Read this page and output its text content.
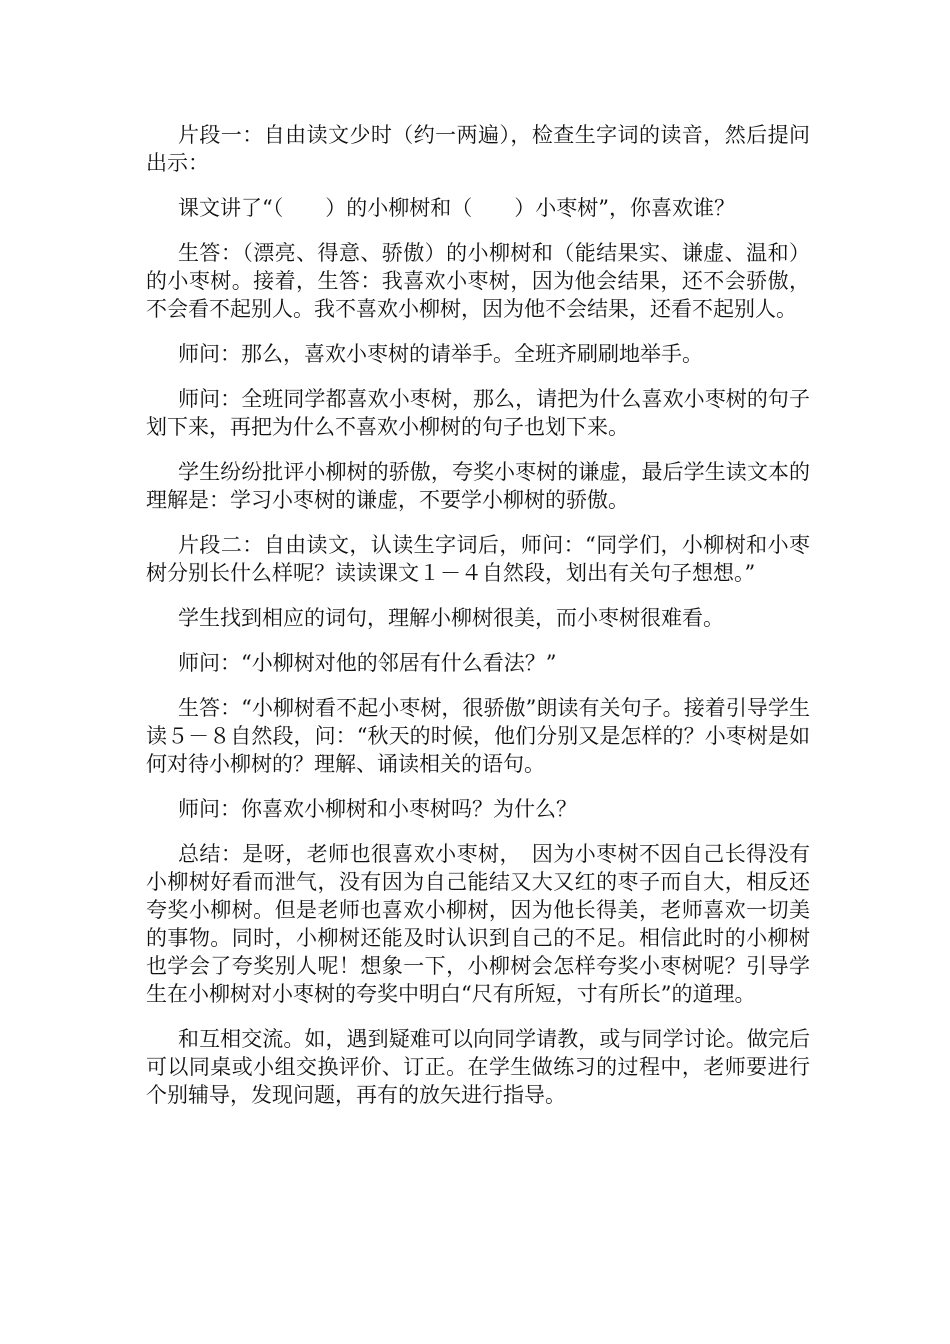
片段一：自由读文少时（约一两遍），检查生字词的读音，然后提问出示：

课文讲了“（　　）的小柳树和（　　）小枣树”，你喜欢谁？

生答：（漂亮、得意、骄傲）的小柳树和（能结果实、谦虚、温和）的小枣树。接着，生答：我喜欢小枣树，因为他会结果，还不会骄傲，不会看不起别人。我不喜欢小柳树，因为他不会结果，还看不起别人。

师问：那么，喜欢小枣树的请举手。全班齐刷刷地举手。

师问：全班同学都喜欢小枣树，那么，请把为什么喜欢小枣树的句子划下来，再把为什么不喜欢小柳树的句子也划下来。

学生纷纷批评小柳树的骄傲，夸奖小枣树的谦虚，最后学生读文本的理解是：学习小枣树的谦虚，不要学小柳树的骄傲。

片段二：自由读文，认读生字词后，师问：“同学们，小柳树和小枣树分别长什么样呢？读读课文１－４自然段，划出有关句子想想。”

学生找到相应的词句，理解小柳树很美，而小枣树很难看。

师问：“小柳树对他的邻居有什么看法？”

生答：“小柳树看不起小枣树，很骄傲”朗读有关句子。接着引导学生读５－８自然段，问：“秋天的时候，他们分别又是怎样的？小枣树是如何对待小柳树的？理解、诵读相关的语句。

师问：你喜欢小柳树和小枣树吗？为什么？

总结：是呀，老师也很喜欢小枣树，　因为小枣树不因自己长得没有小柳树好看而泄气，没有因为自己能结又大又红的枣子而自大，相反还夸奖小柳树。但是老师也喜欢小柳树，因为他长得美，老师喜欢一切美的事物。同时，小柳树还能及时认识到自己的不足。相信此时的小柳树也学会了夸奖别人呢！想象一下，小柳树会怎样夸奖小枣树呢？引导学生在小柳树对小枣树的夸奖中明白“尺有所短，寸有所长”的道理。

和互相交流。如，遇到疑难可以向同学请教，或与同学讨论。做完后可以同桌或小组交换评价、订正。在学生做练习的过程中，老师要进行个别辅导，发现问题，再有的放矢进行指导。
